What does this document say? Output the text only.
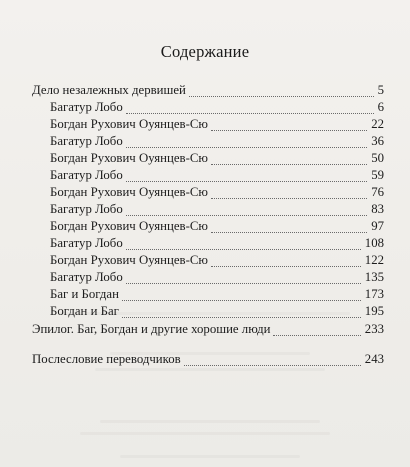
Содержание
Дело незалежных дервишей	5
Багатур Лобо	6
Богдан Рухович Оуянцев-Сю	22
Багатур Лобо	36
Богдан Рухович Оуянцев-Сю	50
Багатур Лобо	59
Богдан Рухович Оуянцев-Сю	76
Багатур Лобо	83
Богдан Рухович Оуянцев-Сю	97
Багатур Лобо	108
Богдан Рухович Оуянцев-Сю	122
Багатур Лобо	135
Баг и Богдан	173
Богдан и Баг	195
Эпилог. Баг, Богдан и другие хорошие люди	233
Послесловие переводчиков	243
